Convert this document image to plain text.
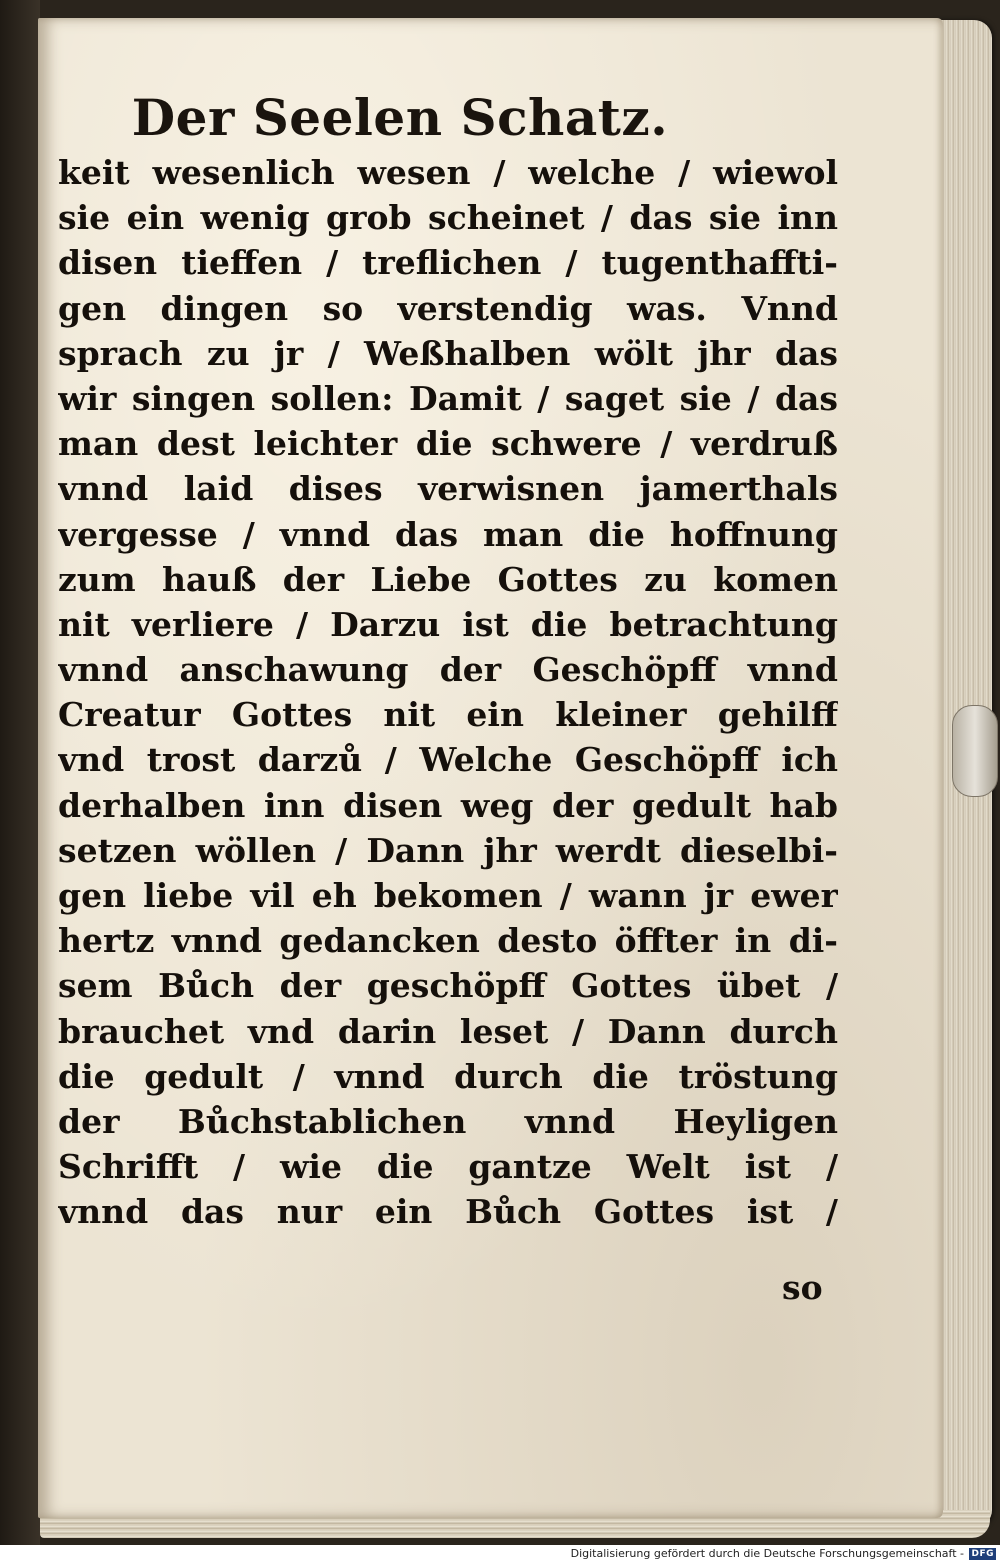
Der Seelen Schatz.
keit wesenlich wesen / welche / wiewol
sie ein wenig grob scheinet / das sie inn
disen tieffen / treflichen / tugenthaffti-
gen dingen so verstendig was. Vnnd
sprach zu jr / Weßhalben wölt jhr das
wir singen sollen: Damit / saget sie / das
man dest leichter die schwere / verdruß
vnnd laid dises verwisnen jamerthals
vergesse / vnnd das man die hoffnung
zum hauß der Liebe Gottes zu komen
nit verliere / Darzu ist die betrachtung
vnnd anschawung der Geschöpff vnnd
Creatur Gottes nit ein kleiner gehilff
vnd trost darzů / Welche Geschöpff ich
derhalben inn disen weg der gedult hab
setzen wöllen / Dann jhr werdt dieselbi-
gen liebe vil eh bekomen / wann jr ewer
hertz vnnd gedancken desto öffter in di-
sem Bůch der geschöpff Gottes übet /
brauchet vnd darin leset / Dann durch
die gedult / vnnd durch die tröstung
der Bůchstablichen vnnd Heyligen
Schrifft / wie die gantze Welt ist /
vnnd das nur ein Bůch Gottes ist /
so
Digitalisierung gefördert durch die Deutsche Forschungsgemeinschaft - DFG
